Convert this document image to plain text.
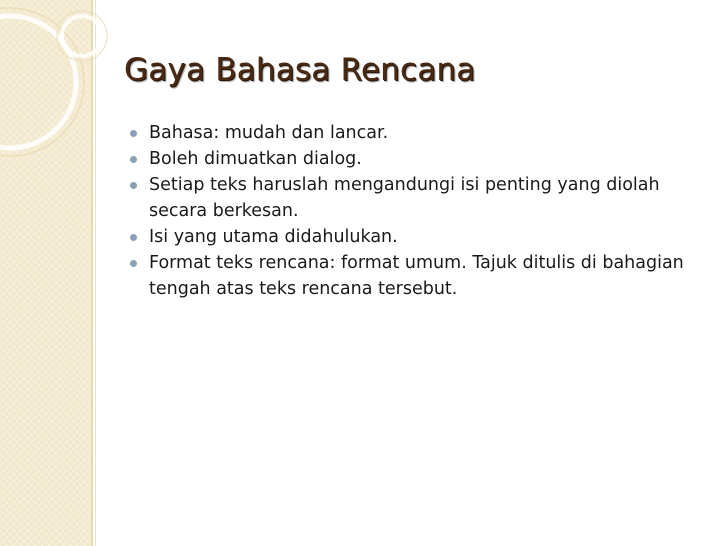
Gaya Bahasa Rencana
Bahasa: mudah dan lancar.
Boleh dimuatkan dialog.
Setiap teks haruslah mengandungi isi penting yang diolah secara berkesan.
Isi yang utama didahulukan.
Format teks rencana: format umum. Tajuk ditulis di bahagian tengah atas teks rencana tersebut.
